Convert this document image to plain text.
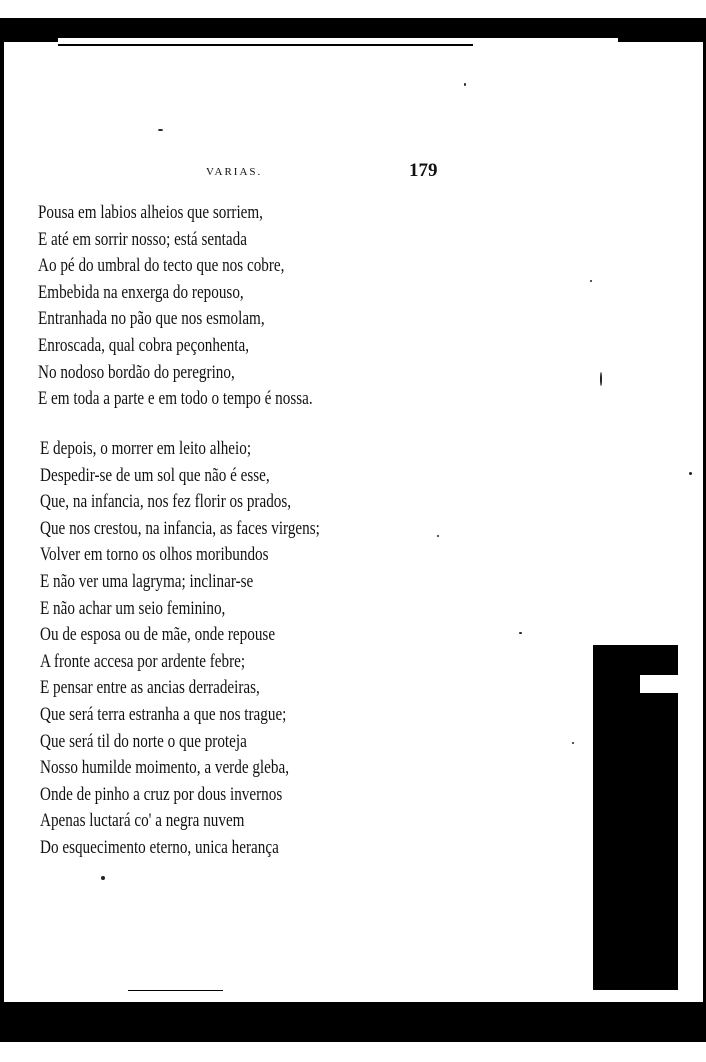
VARIAS.	179
Pousa em labios alheios que sorriem,
E até em sorrir nosso; está sentada
Ao pé do umbral do tecto que nos cobre,
Embebida na enxerga do repouso,
Entranhada no pão que nos esmolam,
Enroscada, qual cobra peçonhenta,
No nodoso bordão do peregrino,
E em toda a parte e em todo o tempo é nossa.
E depois, o morrer em leito alheio;
Despedir-se de um sol que não é esse,
Que, na infancia, nos fez florir os prados,
Que nos crestou, na infancia, as faces virgens;
Volver em torno os olhos moribundos
E não ver uma lagryma; inclinar-se
E não achar um seio feminino,
Ou de esposa ou de mãe, onde repouse
A fronte accesa por ardente febre;
E pensar entre as ancias derradeiras,
Que será terra estranha a que nos trague;
Que será til do norte o que proteja
Nosso humilde moimento, a verde gleba,
Onde de pinho a cruz por dous invernos
Apenas luctará co' a negra nuvem
Do esquecimento eterno, unica herança
